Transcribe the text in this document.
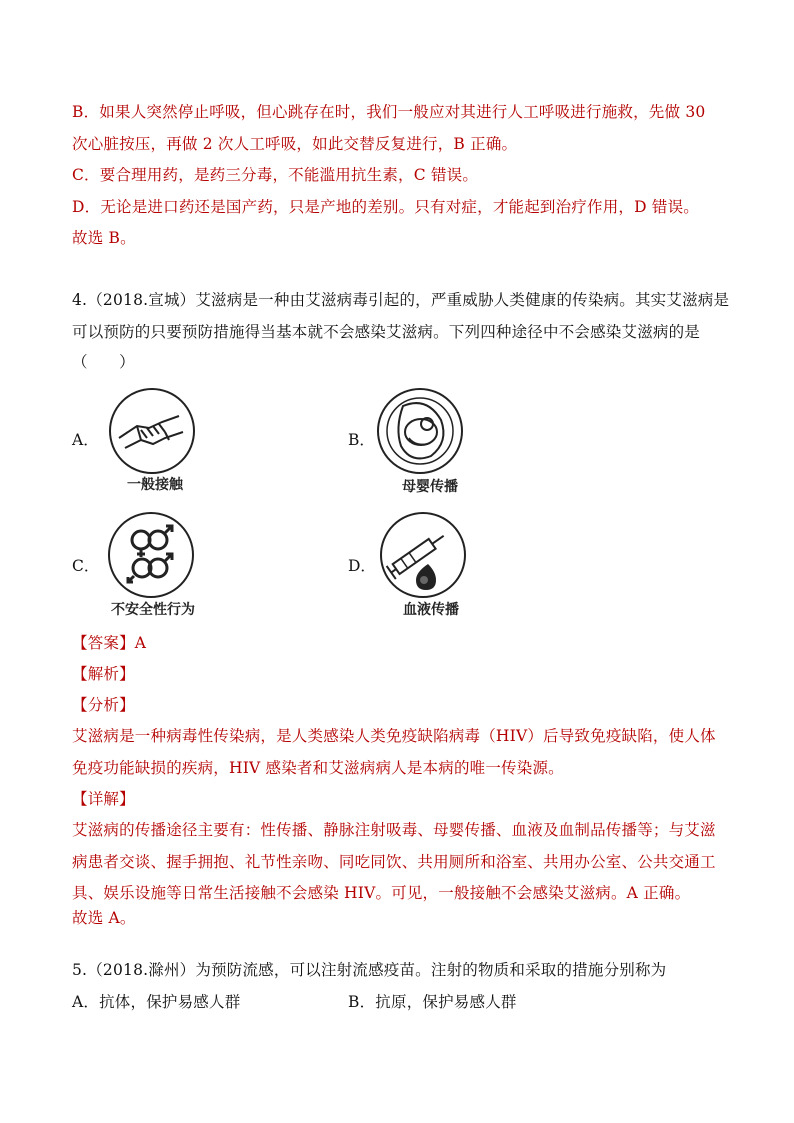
B．如果人突然停止呼吸，但心跳存在时，我们一般应对其进行人工呼吸进行施救，先做 30
次心脏按压，再做 2 次人工呼吸，如此交替反复进行，B 正确。
C．要合理用药，是药三分毒，不能滥用抗生素，C 错误。
D．无论是进口药还是国产药，只是产地的差别。只有对症，才能起到治疗作用，D 错误。
故选 B。
4.（2018.宣城）艾滋病是一种由艾滋病毒引起的，严重威胁人类健康的传染病。其实艾滋病是
可以预防的只要预防措施得当基本就不会感染艾滋病。下列四种途径中不会感染艾滋病的是
（　　）
A．
一般接触
B．
母婴传播
C．
不安全性行为
D．
血液传播
【答案】A
【解析】
【分析】
艾滋病是一种病毒性传染病，是人类感染人类免疫缺陷病毒（HIV）后导致免疫缺陷，使人体
免疫功能缺损的疾病，HIV 感染者和艾滋病病人是本病的唯一传染源。
【详解】
艾滋病的传播途径主要有：性传播、静脉注射吸毒、母婴传播、血液及血制品传播等；与艾滋
病患者交谈、握手拥抱、礼节性亲吻、同吃同饮、共用厕所和浴室、共用办公室、公共交通工
具、娱乐设施等日常生活接触不会感染 HIV。可见，一般接触不会感染艾滋病。A 正确。
故选 A。
5.（2018.滁州）为预防流感，可以注射流感疫苗。注射的物质和采取的措施分别称为
A．抗体，保护易感人群	B．抗原，保护易感人群
